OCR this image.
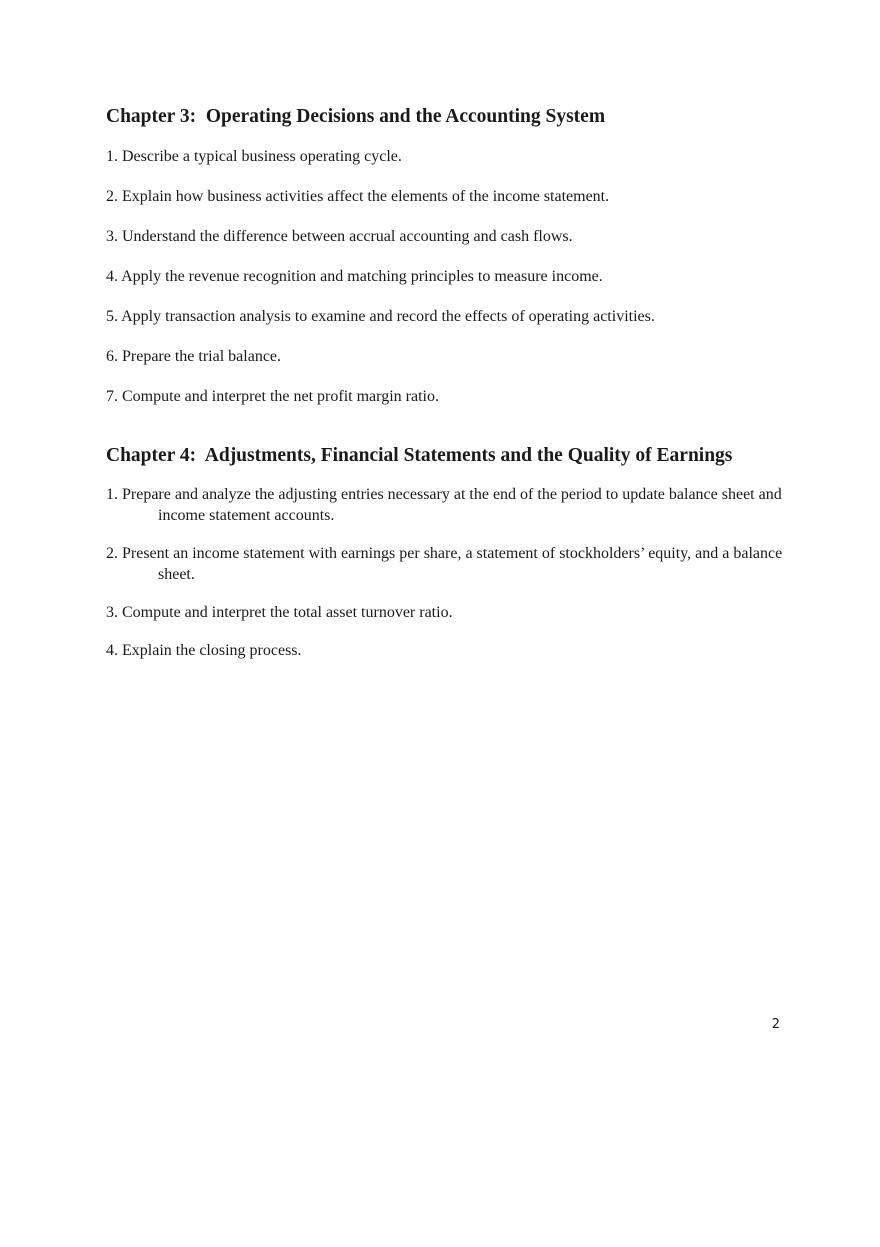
Chapter 3:  Operating Decisions and the Accounting System
1. Describe a typical business operating cycle.
2. Explain how business activities affect the elements of the income statement.
3. Understand the difference between accrual accounting and cash flows.
4. Apply the revenue recognition and matching principles to measure income.
5. Apply transaction analysis to examine and record the effects of operating activities.
6. Prepare the trial balance.
7. Compute and interpret the net profit margin ratio.
Chapter 4:  Adjustments, Financial Statements and the Quality of Earnings
1. Prepare and analyze the adjusting entries necessary at the end of the period to update balance sheet and income statement accounts.
2. Present an income statement with earnings per share, a statement of stockholders’ equity, and a balance sheet.
3. Compute and interpret the total asset turnover ratio.
4. Explain the closing process.
2
